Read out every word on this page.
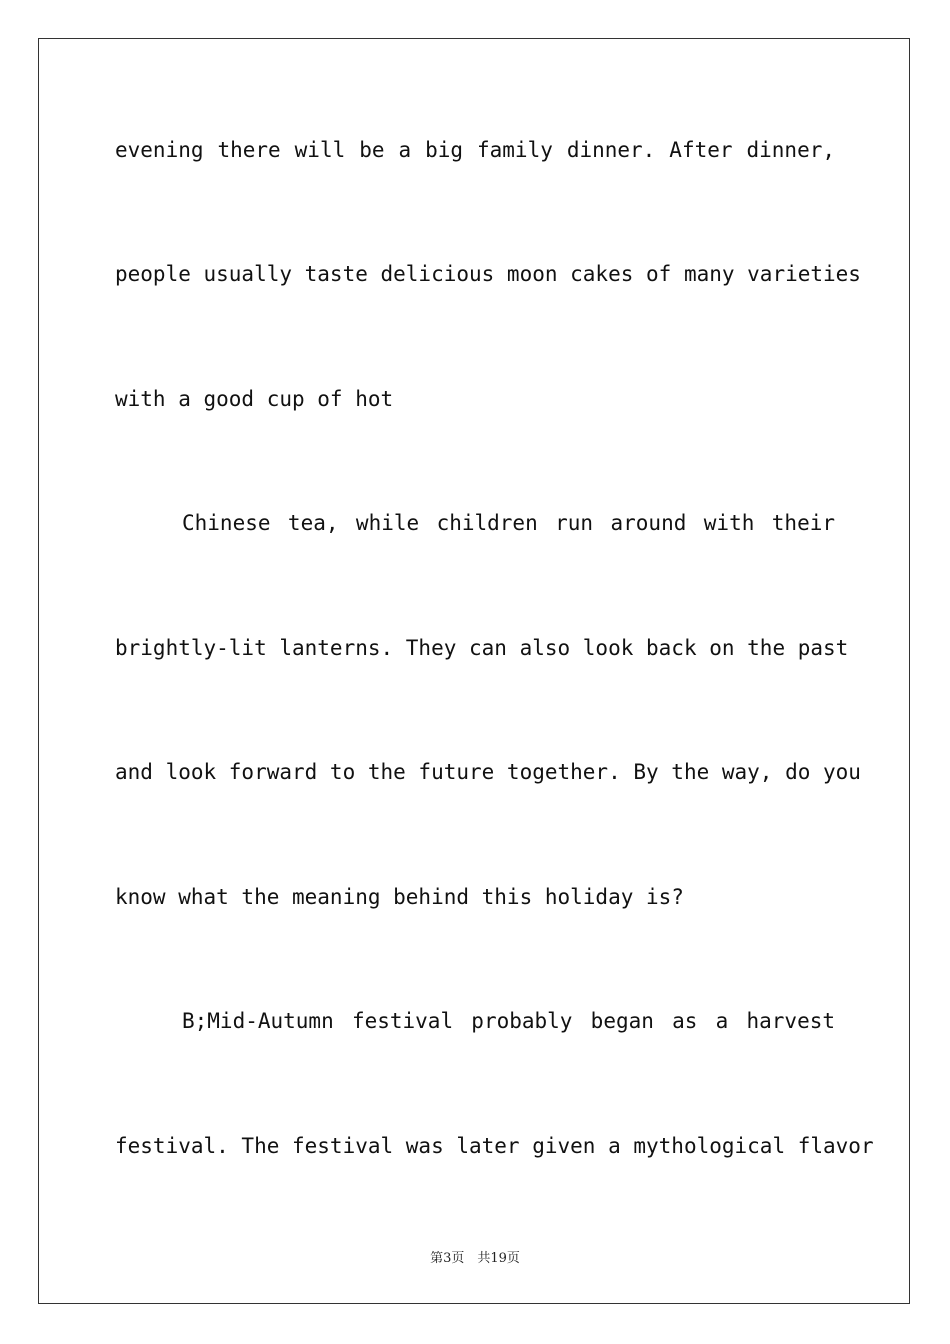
evening there will be a big family dinner. After dinner,
people usually taste delicious moon cakes of many varieties
with a good cup of hot
Chinese tea, while children run around with their
brightly-lit lanterns. They can also look back on the past
and look forward to the future together. By the way, do you
know what the meaning behind this holiday is?
B;Mid-Autumn festival probably began as a harvest
festival. The festival was later given a mythological flavor
第3页　共19页
